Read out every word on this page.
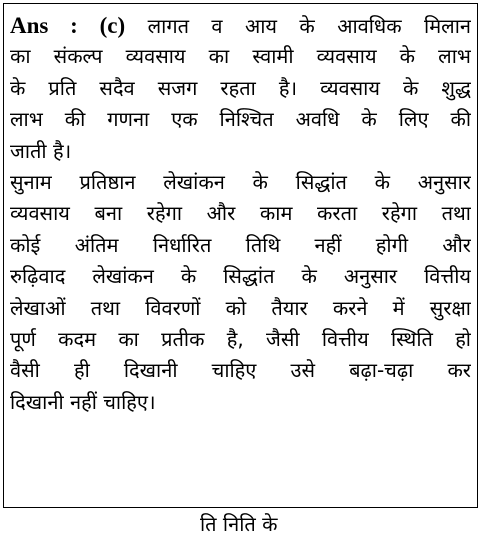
Ans : (c) लागत व आय के आवधिक मिलान
का संकल्प व्यवसाय का स्वामी व्यवसाय के लाभ
के प्रति सदैव सजग रहता है। व्यवसाय के शुद्ध
लाभ की गणना एक निश्चित अवधि के लिए की
जाती है।
सुनाम प्रतिष्ठान लेखांकन के सिद्धांत के अनुसार
व्यवसाय बना रहेगा और काम करता रहेगा तथा
कोई अंतिम निर्धारित तिथि नहीं होगी और
रुढ़िवाद लेखांकन के सिद्धांत के अनुसार वित्तीय
लेखाओं तथा विवरणों को तैयार करने में सुरक्षा
पूर्ण कदम का प्रतीक है, जैसी वित्तीय स्थिति हो
वैसी ही दिखानी चाहिए उसे बढ़ा-चढ़ा कर
दिखानी नहीं चाहिए।
ति निति के
